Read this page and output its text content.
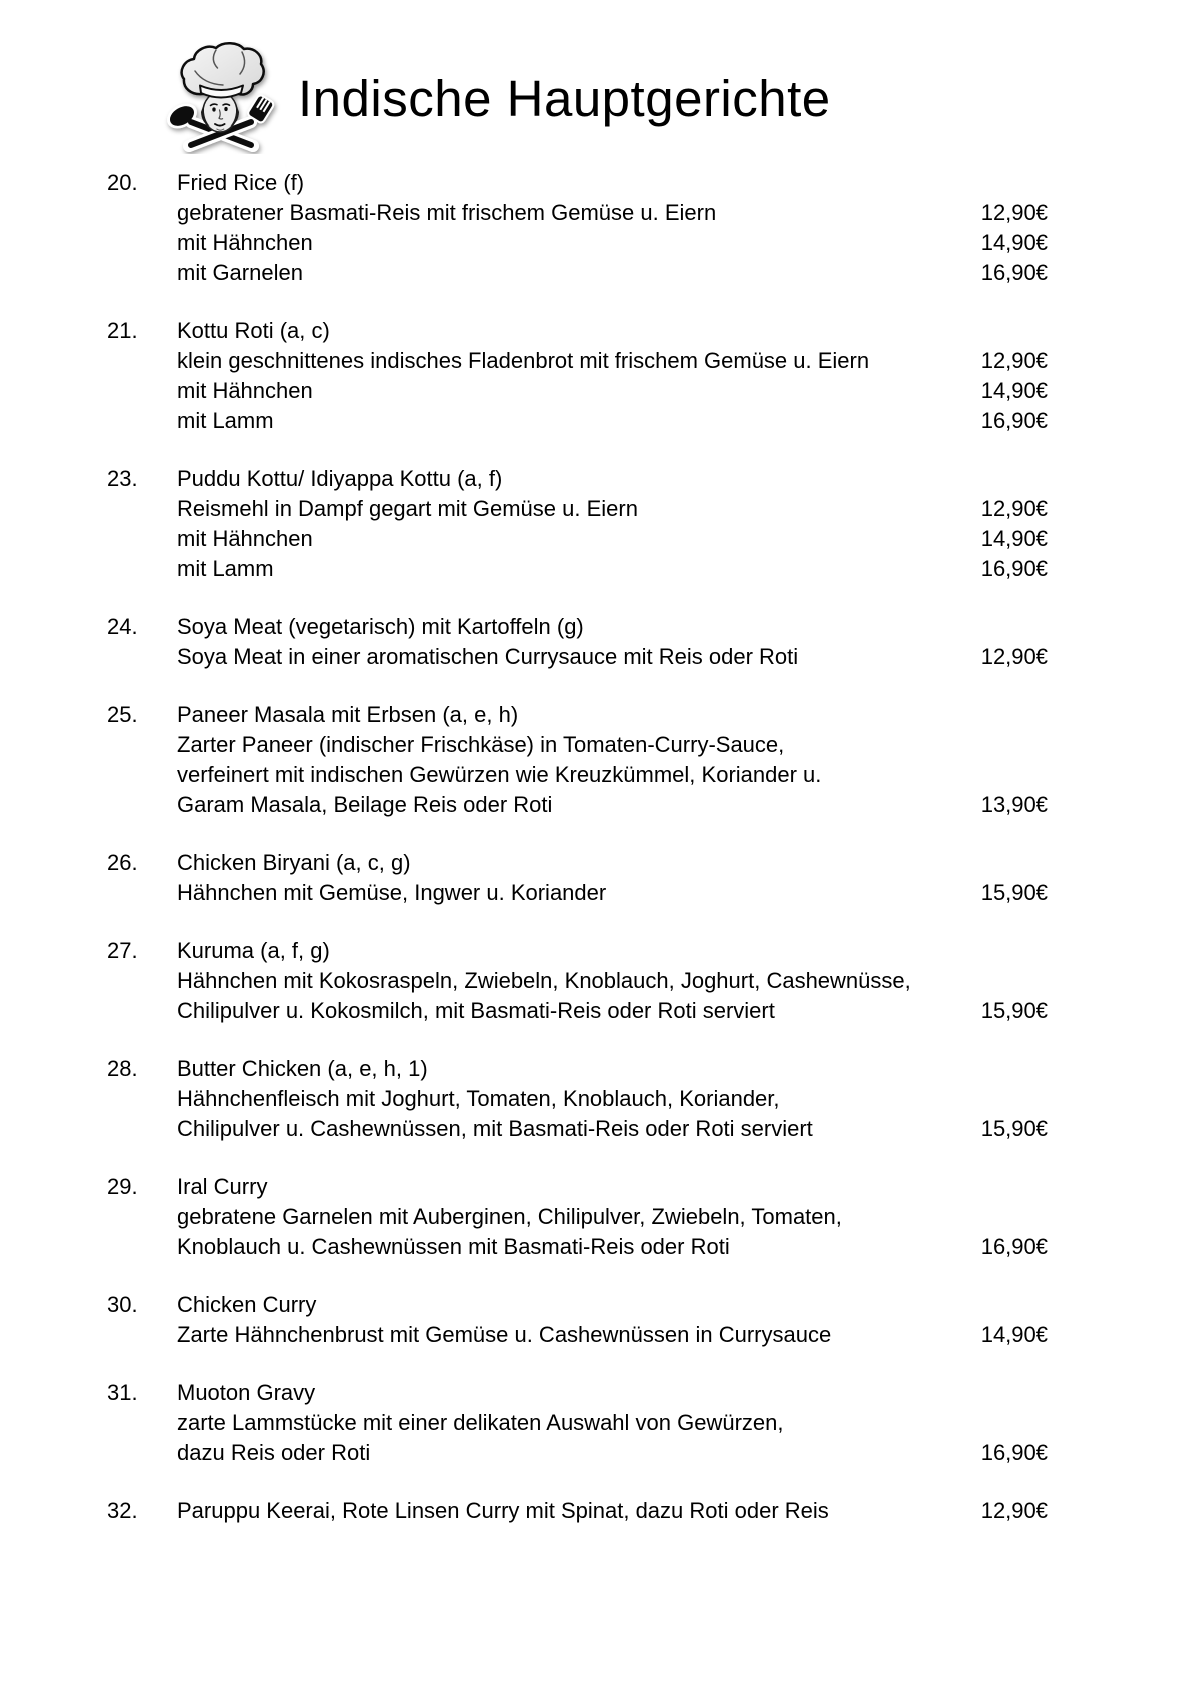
Indische Hauptgerichte
20.	Fried Rice (f)
gebratener Basmati-Reis mit frischem Gemüse u. Eiern	12,90€
mit Hähnchen	14,90€
mit Garnelen	16,90€
21.	Kottu Roti (a, c)
klein geschnittenes indisches Fladenbrot mit frischem Gemüse u. Eiern	12,90€
mit Hähnchen	14,90€
mit Lamm	16,90€
23.	Puddu Kottu/ Idiyappa Kottu (a, f)
Reismehl in Dampf gegart mit Gemüse u. Eiern	12,90€
mit Hähnchen	14,90€
mit Lamm	16,90€
24.	Soya Meat (vegetarisch) mit Kartoffeln (g)
Soya Meat in einer aromatischen Currysauce mit Reis oder Roti	12,90€
25.	Paneer Masala mit Erbsen (a, e, h)
Zarter Paneer (indischer Frischkäse) in Tomaten-Curry-Sauce,
verfeinert mit indischen Gewürzen wie Kreuzkümmel, Koriander u.
Garam Masala, Beilage Reis oder Roti	13,90€
26.	Chicken Biryani (a, c, g)
Hähnchen mit Gemüse, Ingwer u. Koriander	15,90€
27.	Kuruma (a, f, g)
Hähnchen mit Kokosraspeln, Zwiebeln, Knoblauch, Joghurt, Cashewnüsse,
Chilipulver u. Kokosmilch, mit Basmati-Reis oder Roti serviert	15,90€
28.	Butter Chicken (a, e, h, 1)
Hähnchenfleisch mit Joghurt, Tomaten, Knoblauch, Koriander,
Chilipulver u. Cashewnüssen, mit Basmati-Reis oder Roti serviert	15,90€
29.	Iral Curry
gebratene Garnelen mit Auberginen, Chilipulver, Zwiebeln, Tomaten,
Knoblauch u. Cashewnüssen mit Basmati-Reis oder Roti	16,90€
30.	Chicken Curry
Zarte Hähnchenbrust mit Gemüse u. Cashewnüssen in Currysauce	14,90€
31.	Muoton Gravy
zarte Lammstücke mit einer delikaten Auswahl von Gewürzen,
dazu Reis oder Roti	16,90€
32.	Paruppu Keerai, Rote Linsen Curry mit Spinat, dazu Roti oder Reis	12,90€
